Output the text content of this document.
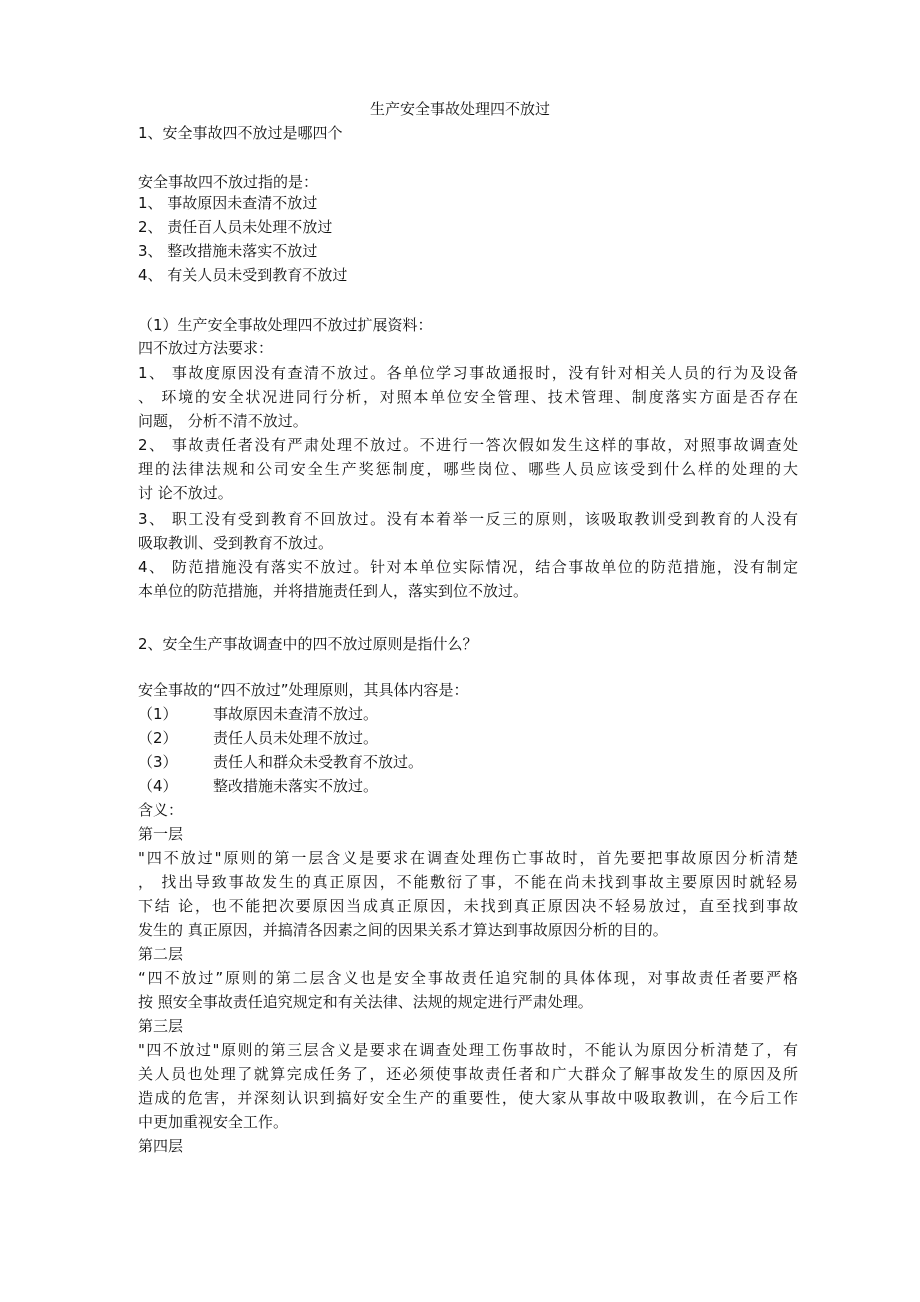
生产安全事故处理四不放过
1、安全事故四不放过是哪四个
安全事故四不放过指的是：
1、 事故原因未查清不放过
2、 责任百人员未处理不放过
3、 整改措施未落实不放过
4、 有关人员未受到教育不放过
（1）生产安全事故处理四不放过扩展资料：
四不放过方法要求：
1、 事故度原因没有查清不放过。各单位学习事故通报时，没有针对相关人员的行为及设备
、 环境的安全状况进同行分析，对照本单位安全管理、技术管理、制度落实方面是否存在
问题， 分析不清不放过。
2、 事故责任者没有严肃处理不放过。不进行一答次假如发生这样的事故，对照事故调查处
理的法律法规和公司安全生产奖惩制度，哪些岗位、哪些人员应该受到什么样的处理的大
讨 论不放过。
3、 职工没有受到教育不回放过。没有本着举一反三的原则，该吸取教训受到教育的人没有
吸取教训、受到教育不放过。
4、 防范措施没有落实不放过。针对本单位实际情况，结合事故单位的防范措施，没有制定
本单位的防范措施，并将措施责任到人，落实到位不放过。
2、安全生产事故调查中的四不放过原则是指什么？
安全事故的“四不放过”处理原则，其具体内容是：
（1） 事故原因未查清不放过。
（2） 责任人员未处理不放过。
（3） 责任人和群众未受教育不放过。
（4） 整改措施未落实不放过。
含义：
第一层
"四不放过"原则的第一层含义是要求在调查处理伤亡事故时，首先要把事故原因分析清楚
， 找出导致事故发生的真正原因，不能敷衍了事，不能在尚未找到事故主要原因时就轻易
下结 论，也不能把次要原因当成真正原因，未找到真正原因决不轻易放过，直至找到事故
发生的 真正原因，并搞清各因素之间的因果关系才算达到事故原因分析的目的。
第二层
“四不放过”原则的第二层含义也是安全事故责任追究制的具体体现，对事故责任者要严格
按 照安全事故责任追究规定和有关法律、法规的规定进行严肃处理。
第三层
"四不放过"原则的第三层含义是要求在调查处理工伤事故时，不能认为原因分析清楚了，有
关人员也处理了就算完成任务了，还必须使事故责任者和广大群众了解事故发生的原因及所
造成的危害，并深刻认识到搞好安全生产的重要性，使大家从事故中吸取教训，在今后工作
中更加重视安全工作。
第四层
